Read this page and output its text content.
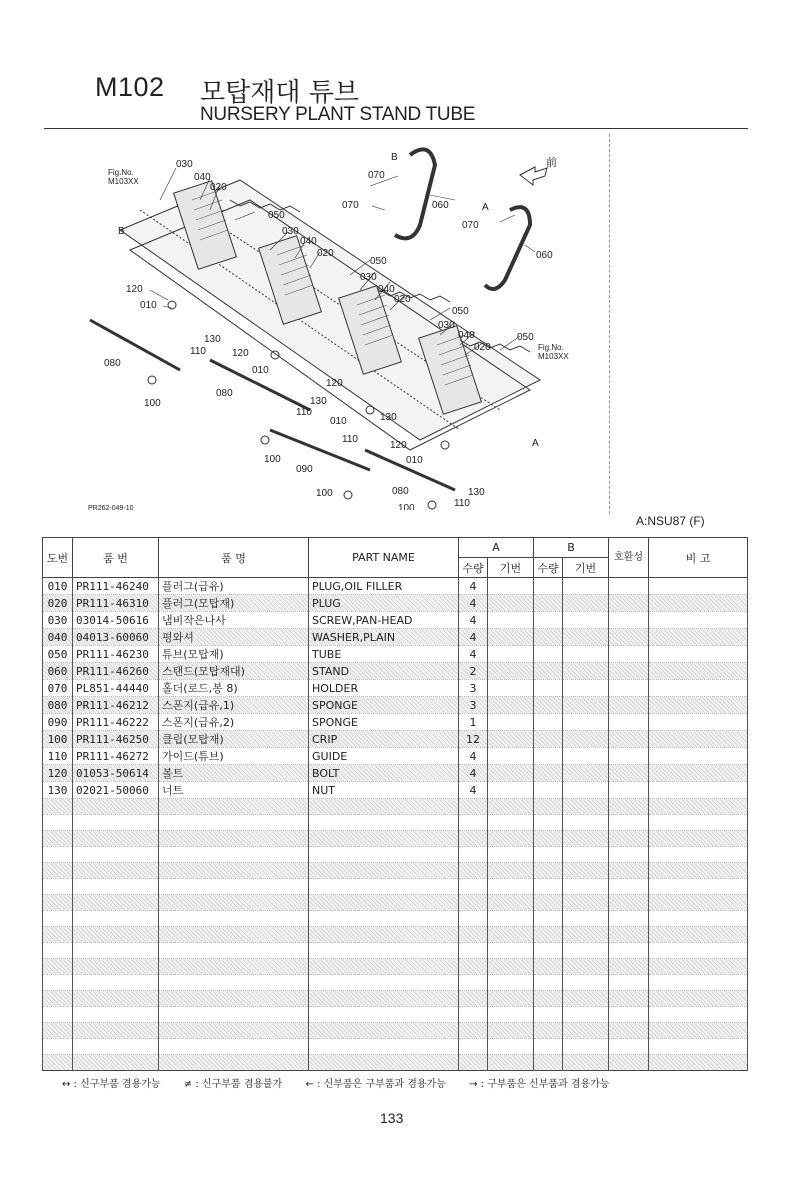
M102 모탑재대 튜브
NURSERY PLANT STAND TUBE
Fig.No.
M103XX
Fig.No.
M103XX
030
040
020
050
030
040
020
050
030
040
020
050
030
040
020
050
120
010
130
110
080
100
120
010
130
110
080
100
120
010	130
110
090
100
120
010
130
110
080
100
070
060
070
060
070
B
B
A
A
前
PR262-049-10
A:NSU87 (F)
도번	품 번	품 명	PART NAME	A		B		호환성	비 고
				수량	기번	수량	기번		
010	PR111-46240	플러그(급유)	PLUG,OIL FILLER	4					
020	PR111-46310	플러그(모탑재)	PLUG	4					
030	03014-50616	냄비작은나사	SCREW,PAN-HEAD	4					
040	04013-60060	평와셔	WASHER,PLAIN	4					
050	PR111-46230	튜브(모탑재)	TUBE	4					
060	PR111-46260	스탠드(모탑재대)	STAND	2					
070	PL851-44440	홀더(로드,봉 8)	HOLDER	3					
080	PR111-46212	스폰지(급유,1)	SPONGE	3					
090	PR111-46222	스폰지(급유,2)	SPONGE	1					
100	PR111-46250	클립(모탑재)	CRIP	12					
110	PR111-46272	가이드(튜브)	GUIDE	4					
120	01053-50614	볼트	BOLT	4					
130	02021-50060	너트	NUT	4					

↔ : 신구부품 겸용가능 ≠ : 신구부품 겸용불가 ← : 신부품은 구부품과 겸용가능 → : 구부품은 신부품과 겸용가능
133
